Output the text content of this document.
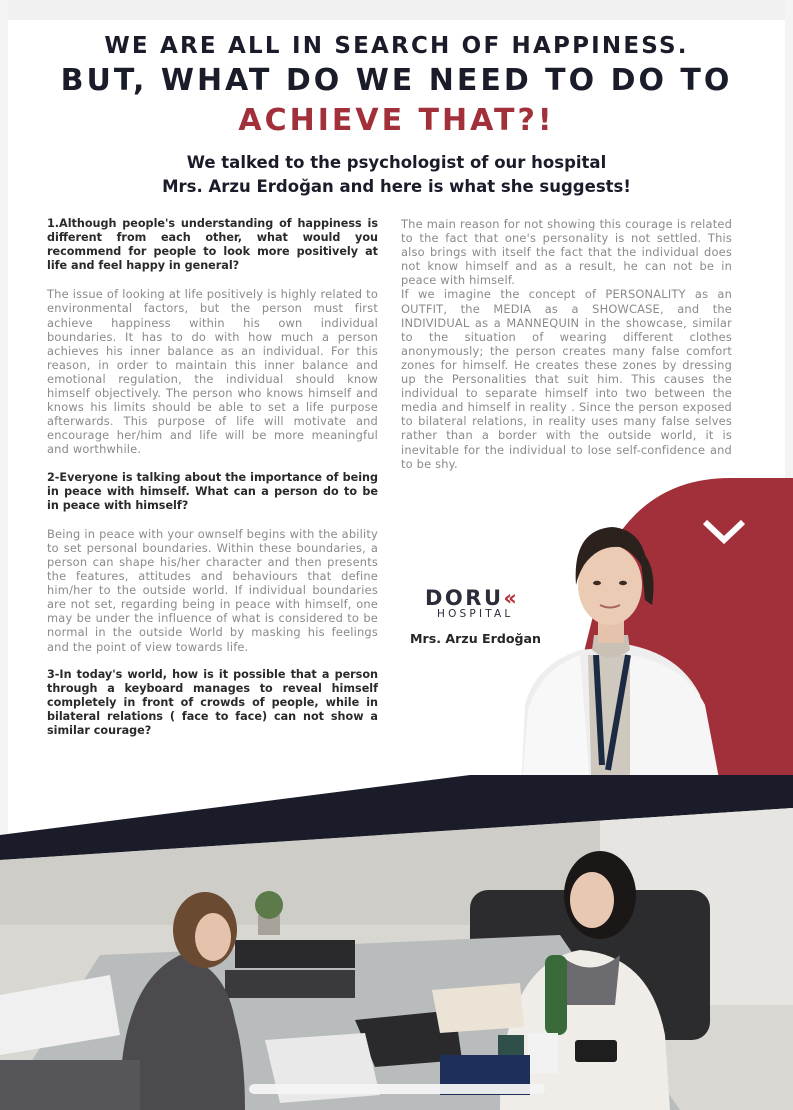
WE ARE ALL IN SEARCH OF HAPPINESS.
BUT, WHAT DO WE NEED TO DO TO
ACHIEVE THAT?!

We talked to the psychologist of our hospital

Mrs. Arzu Erdoğan and here is what she suggests!

1.Although people's understanding of happiness is different from each other, what would you recommend for people to look more positively at life and feel happy in general?

The issue of looking at life positively is highly related to environmental factors, but the person must first achieve happiness within his own individual boundaries. It has to do with how much a person achieves his inner balance as an individual. For this reason, in order to maintain this inner balance and emotional regulation, the individual should know himself objectively. The person who knows himself and knows his limits should be able to set a life purpose afterwards. This purpose of life will motivate and encourage her/him and life will be more meaningful and worthwhile.

2-Everyone is talking about the importance of being in peace with himself. What can a person do to be in peace with himself?

Being in peace with your ownself begins with the ability to set personal boundaries. Within these boundaries, a person can shape his/her character and then presents the features, attitudes and behaviours that define him/her to the outside world. If individual boundaries are not set, regarding being in peace with himself, one may be under the influence of what is considered to be normal in the outside World by masking his feelings and the point of view towards life.

3-In today's world, how is it possible that a person through a keyboard manages to reveal himself completely in front of crowds of people, while in bilateral relations ( face to face) can not show a similar courage?

The main reason for not showing this courage is related to the fact that one's personality is not settled. This also brings with itself the fact that the individual does not know himself and as a result, he can not be in peace with himself.

If we imagine the concept of PERSONALITY as an OUTFIT, the MEDIA as a SHOWCASE, and the INDIVIDUAL as a MANNEQUIN in the showcase, similar to the situation of wearing different clothes anonymously; the person creates many false comfort zones for himself. He creates these zones by dressing up the Personalities that suit him. This causes the individual to separate himself into two between the media and himself in reality . Since the person exposed to bilateral relations, in reality uses many false selves rather than a border with the outside world, it is inevitable for the individual to lose self-confidence and to be shy.

DORU‹‹
HOSPITAL
Mrs. Arzu Erdoğan
